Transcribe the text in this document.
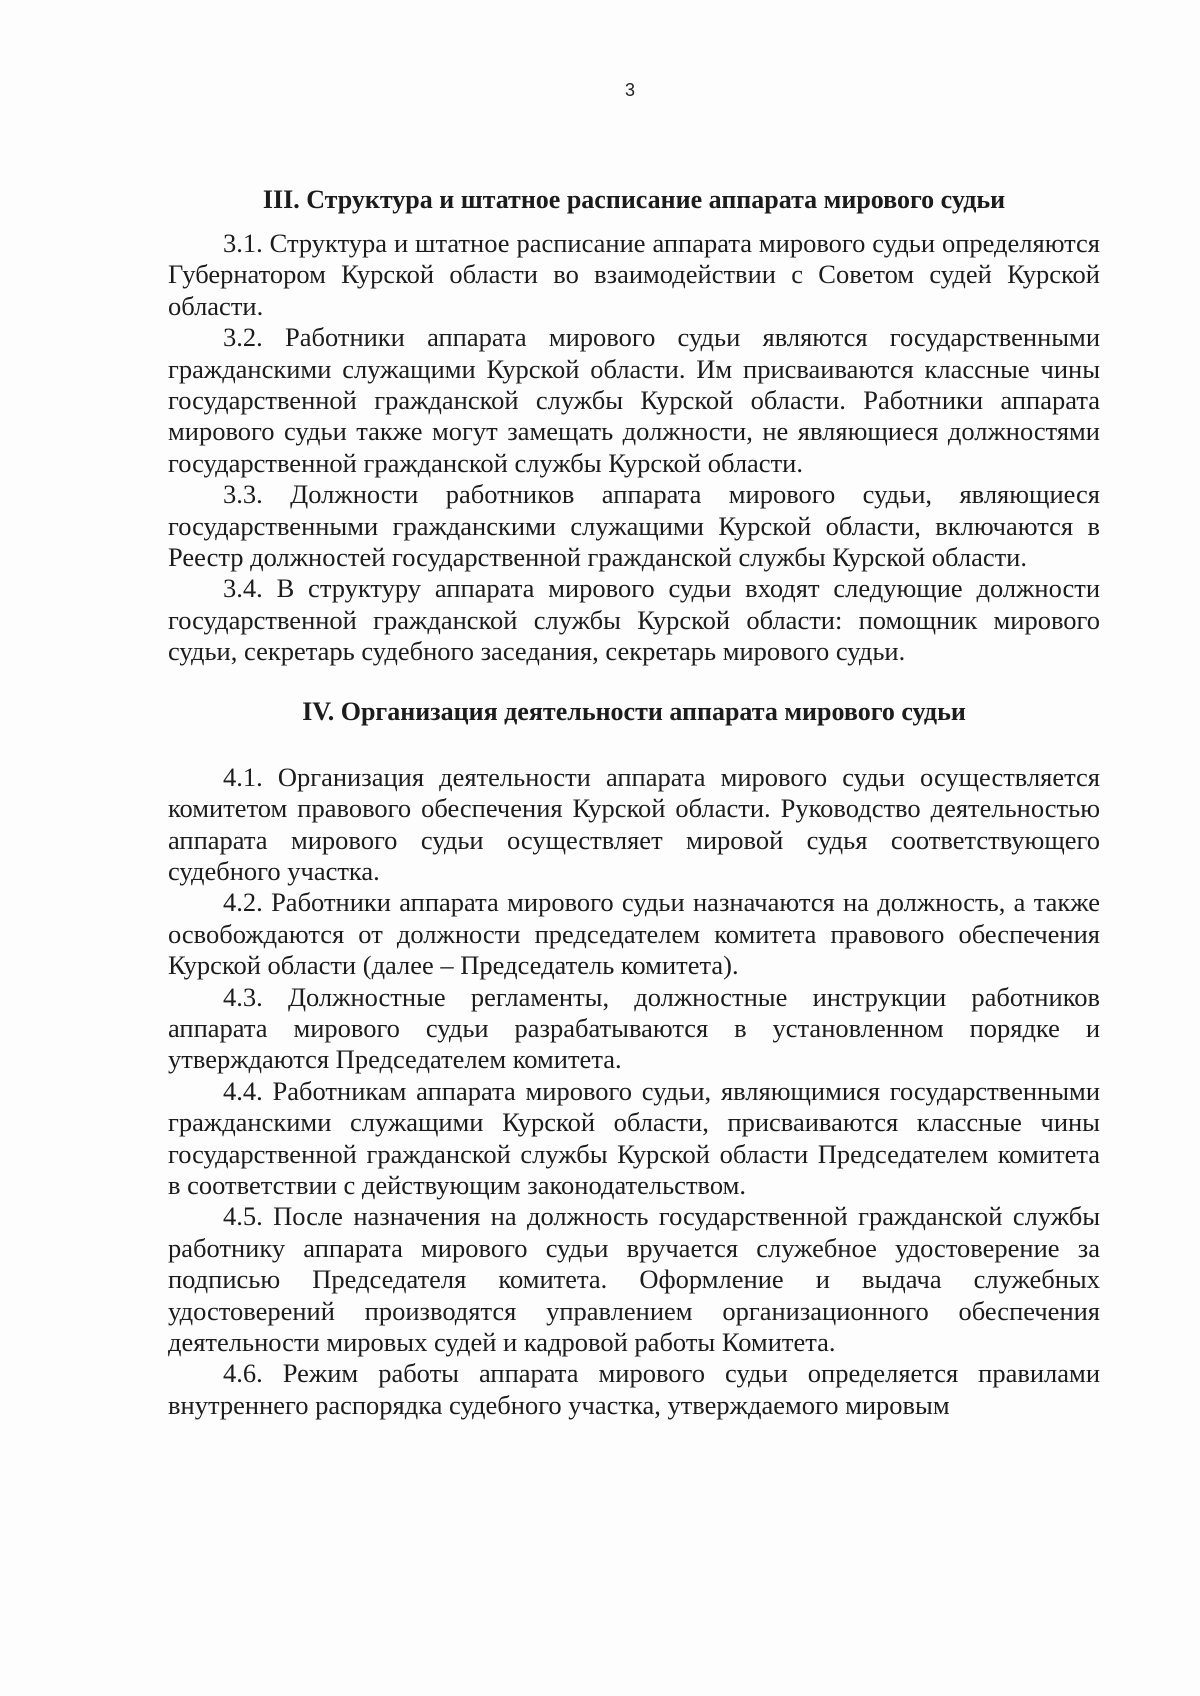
3
III. Структура и штатное расписание аппарата мирового судьи

3.1. Структура и штатное расписание аппарата мирового судьи определяются Губернатором Курской области во взаимодействии с Советом судей Курской области.

3.2. Работники аппарата мирового судьи являются государственными гражданскими служащими Курской области. Им присваиваются классные чины государственной гражданской службы Курской области. Работники аппарата мирового судьи также могут замещать должности, не являющиеся должностями государственной гражданской службы Курской области.

3.3. Должности работников аппарата мирового судьи, являющиеся государственными гражданскими служащими Курской области, включаются в Реестр должностей государственной гражданской службы Курской области.

3.4. В структуру аппарата мирового судьи входят следующие должности государственной гражданской службы Курской области: помощник мирового судьи, секретарь судебного заседания, секретарь мирового судьи.

IV. Организация деятельности аппарата мирового судьи

4.1. Организация деятельности аппарата мирового судьи осуществляется комитетом правового обеспечения Курской области. Руководство деятельностью аппарата мирового судьи осуществляет мировой судья соответствующего судебного участка.

4.2. Работники аппарата мирового судьи назначаются на должность, а также освобождаются от должности председателем комитета правового обеспечения Курской области (далее – Председатель комитета).

4.3. Должностные регламенты, должностные инструкции работников аппарата мирового судьи разрабатываются в установленном порядке и утверждаются Председателем комитета.

4.4. Работникам аппарата мирового судьи, являющимися государственными гражданскими служащими Курской области, присваиваются классные чины государственной гражданской службы Курской области Председателем комитета в соответствии с действующим законодательством.

4.5. После назначения на должность государственной гражданской службы работнику аппарата мирового судьи вручается служебное удостоверение за подписью Председателя комитета. Оформление и выдача служебных удостоверений производятся управлением организационного обеспечения деятельности мировых судей и кадровой работы Комитета.

4.6. Режим работы аппарата мирового судьи определяется правилами внутреннего распорядка судебного участка, утверждаемого мировым
